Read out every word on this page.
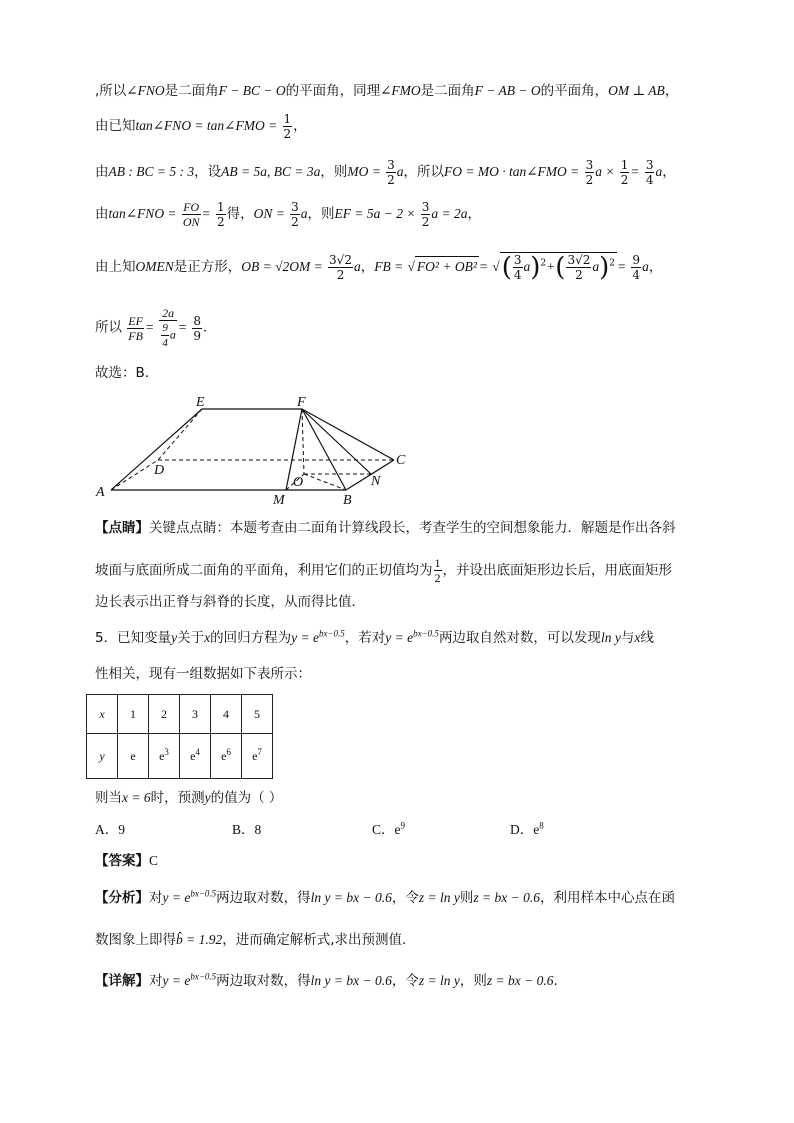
,所以∠FNO是二面角F − BC − O的平面角，同理∠FMO是二面角F − AB − O的平面角，OM ⊥ AB，
由已知tan∠FNO = tan∠FMO = $\frac{1}{2}$ ，
由AB : BC = 5 : 3，设AB = 5a, BC = 3a，则MO = $\frac{3}{2}$ a，所以FO = MO · tan∠FMO = $\frac{3}{2}$ $a \times \frac{1}{2} = \frac{3}{4}$ a，
由tan∠FNO = $\frac{FO}{ON} = \frac{1}{2}$ 得，ON = $\frac{3}{2}$ a，则EF = $5a - 2 \times \frac{3}{2}$ a = 2a，
由上知OMEN是正方形，OB = $√2OM = \frac{3√2}{2}$ a，FB = √ FO² + OB² = √( $\frac{3}{4} a)^2+( \frac{3√2}{2} a)^2 = \frac{9}{4}$ a，
所以 $\frac{EF}{FB} = \frac{2a}{\frac{9}{4} a} = \frac{8}{9}$ ．
故选：B．
E	F
C
D
O	N
A
M	B
【点睛】关键点点睛：本题考查由二面角计算线段长，考查学生的空间想象能力．解题是作出各斜
坡面与底面所成二面角的平面角，利用它们的正切值均为 $\frac{1}{2}$ ，并设出底面矩形边长后，用底面矩形
边长表示出正脊与斜脊的长度，从而得比值．
5．已知变量y关于x的回归方程为$y = e^{bx-0.5}$，若对$y = e^{bx-0.5}$两边取自然对数，可以发现ln y与x线
性相关，现有一组数据如下表所示：
x	1	2	3	4	5
y	e	$e^3$	$e^4$	$e^6$	$e^7$
则当x = 6时，预测y的值为（ ）
A．9	B．8	C．$e^9$	D．$e^8$
【答案】C
【分析】对$y = e^{bx-0.5}$两边取对数，得ln y = bx − 0.6，令z = ln y则z = bx − 0.6，利用样本中心点在函
数图象上即得b̂ = 1.92，进而确定解析式,求出预测值.
【详解】对$y = e^{bx-0.5}$两边取对数，得ln y = bx − 0.6，令z = ln y，则z = bx − 0.6.
